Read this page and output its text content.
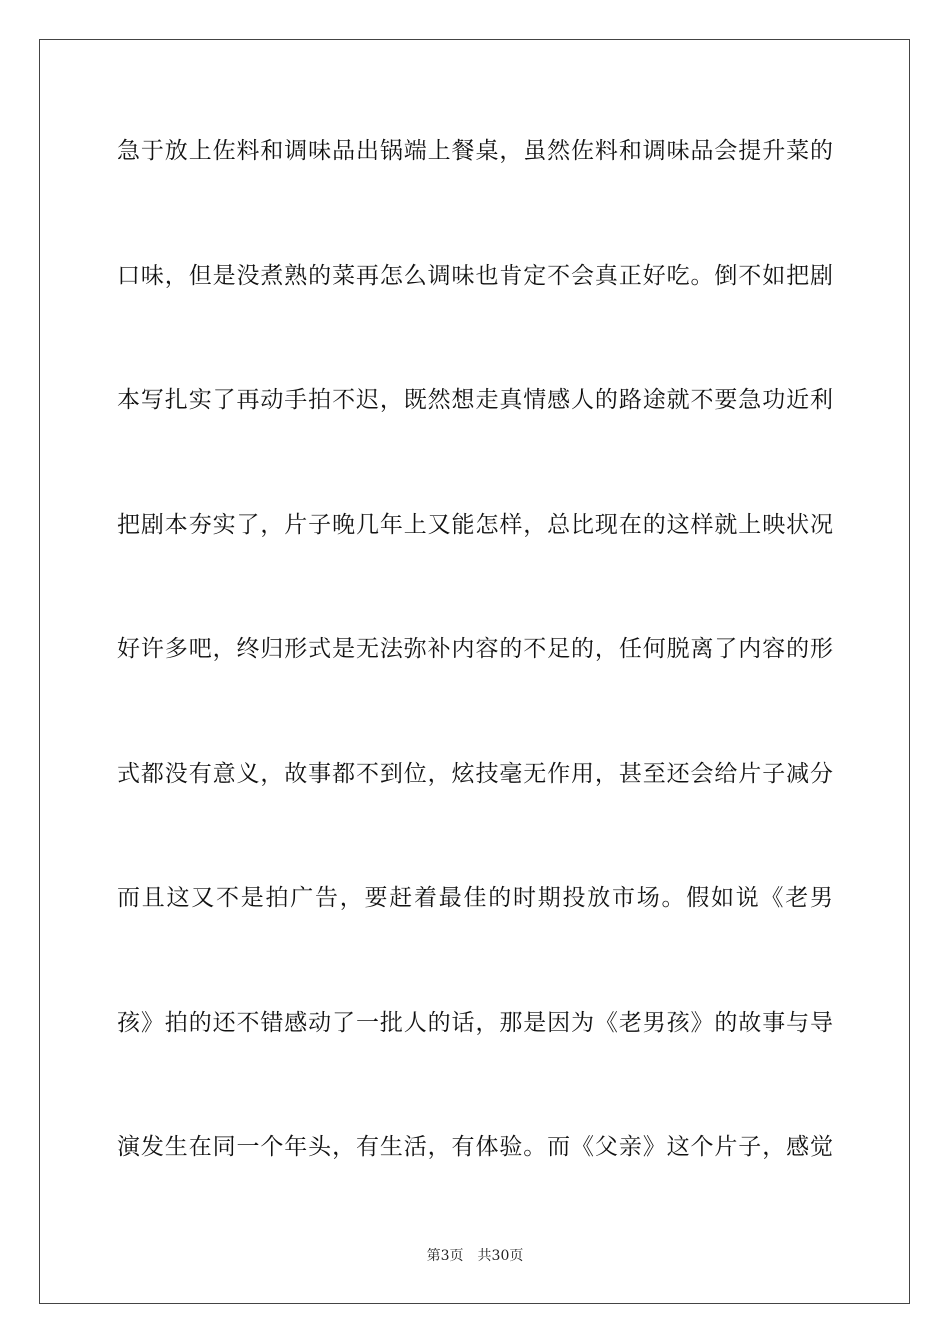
急于放上佐料和调味品出锅端上餐桌，虽然佐料和调味品会提升菜的
口味，但是没煮熟的菜再怎么调味也肯定不会真正好吃。倒不如把剧
本写扎实了再动手拍不迟，既然想走真情感人的路途就不要急功近利
把剧本夯实了，片子晚几年上又能怎样，总比现在的这样就上映状况
好许多吧，终归形式是无法弥补内容的不足的，任何脱离了内容的形
式都没有意义，故事都不到位，炫技毫无作用，甚至还会给片子减分
而且这又不是拍广告，要赶着最佳的时期投放市场。假如说《老男
孩》拍的还不错感动了一批人的话，那是因为《老男孩》的故事与导
演发生在同一个年头，有生活，有体验。而《父亲》这个片子，感觉
第3页 共30页
